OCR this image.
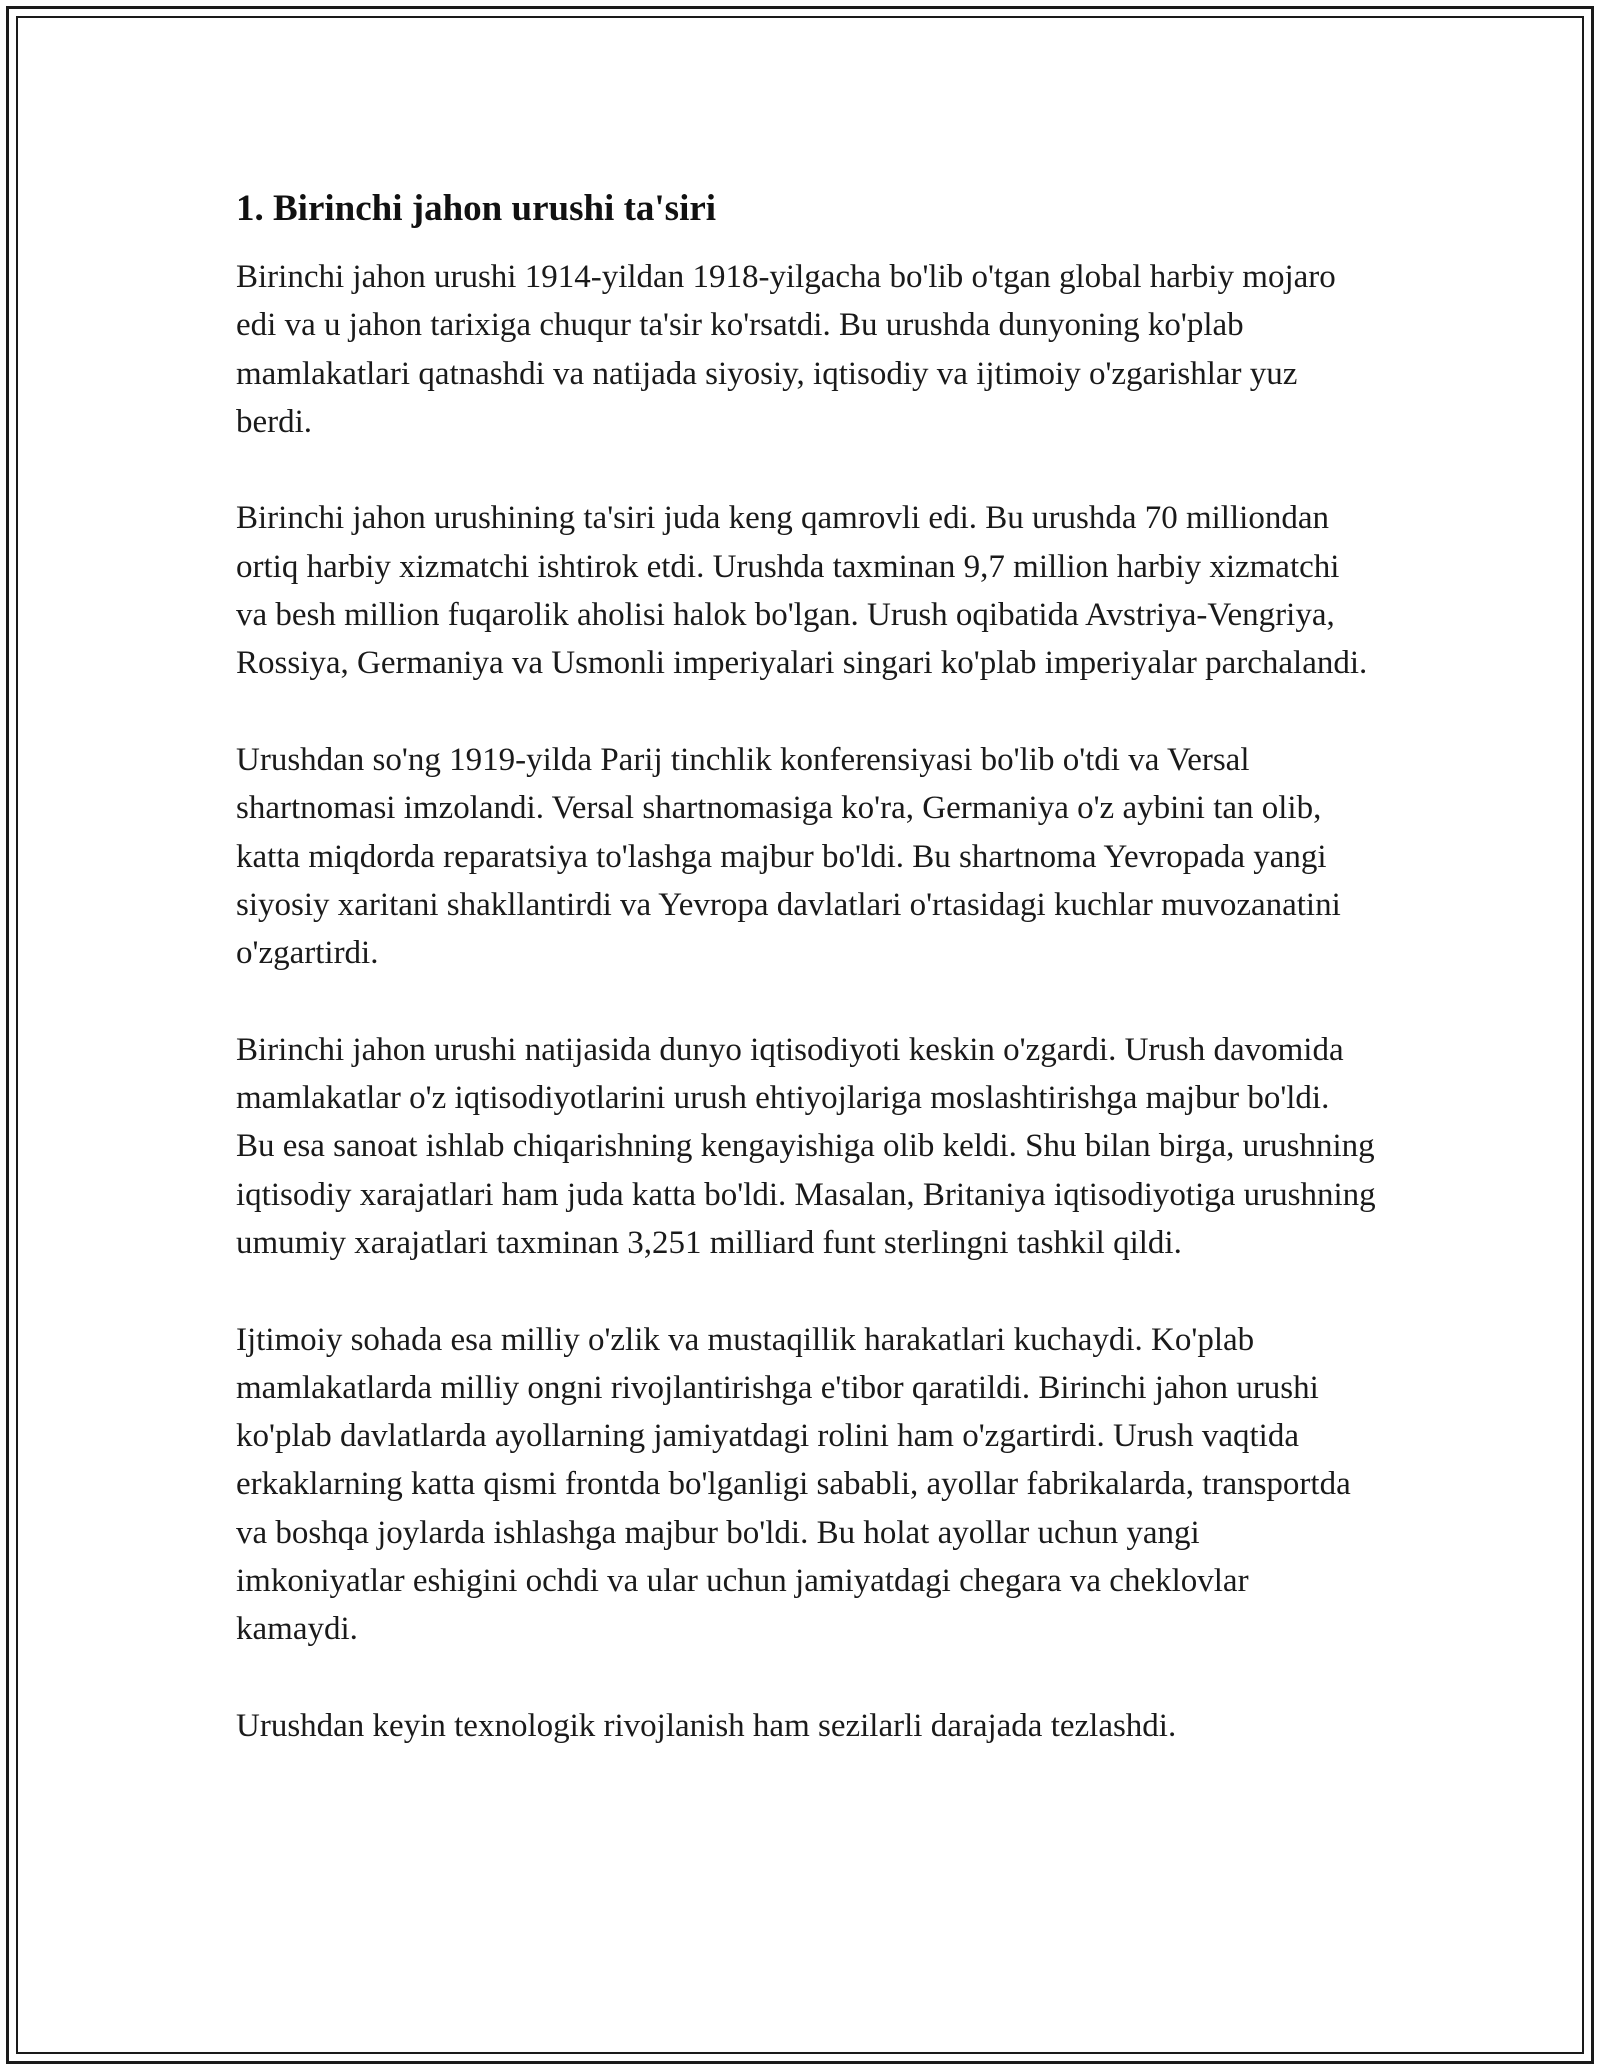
1. Birinchi jahon urushi ta'siri

Birinchi jahon urushi 1914-yildan 1918-yilgacha bo'lib o'tgan global harbiy mojaro edi va u jahon tarixiga chuqur ta'sir ko'rsatdi. Bu urushda dunyoning ko'plab mamlakatlari qatnashdi va natijada siyosiy, iqtisodiy va ijtimoiy o'zgarishlar yuz berdi.

Birinchi jahon urushining ta'siri juda keng qamrovli edi. Bu urushda 70 milliondan ortiq harbiy xizmatchi ishtirok etdi. Urushda taxminan 9,7 million harbiy xizmatchi va besh million fuqarolik aholisi halok bo'lgan. Urush oqibatida Avstriya-Vengriya, Rossiya, Germaniya va Usmonli imperiyalari singari ko'plab imperiyalar parchalandi.

Urushdan so'ng 1919-yilda Parij tinchlik konferensiyasi bo'lib o'tdi va Versal shartnomasi imzolandi. Versal shartnomasiga ko'ra, Germaniya o'z aybini tan olib, katta miqdorda reparatsiya to'lashga majbur bo'ldi. Bu shartnoma Yevropada yangi siyosiy xaritani shakllantirdi va Yevropa davlatlari o'rtasidagi kuchlar muvozanatini o'zgartirdi.

Birinchi jahon urushi natijasida dunyo iqtisodiyoti keskin o'zgardi. Urush davomida mamlakatlar o'z iqtisodiyotlarini urush ehtiyojlariga moslashtirishga majbur bo'ldi. Bu esa sanoat ishlab chiqarishning kengayishiga olib keldi. Shu bilan birga, urushning iqtisodiy xarajatlari ham juda katta bo'ldi. Masalan, Britaniya iqtisodiyotiga urushning umumiy xarajatlari taxminan 3,251 milliard funt sterlingni tashkil qildi.

Ijtimoiy sohada esa milliy o'zlik va mustaqillik harakatlari kuchaydi. Ko'plab mamlakatlarda milliy ongni rivojlantirishga e'tibor qaratildi. Birinchi jahon urushi ko'plab davlatlarda ayollarning jamiyatdagi rolini ham o'zgartirdi. Urush vaqtida erkaklarning katta qismi frontda bo'lganligi sababli, ayollar fabrikalarda, transportda va boshqa joylarda ishlashga majbur bo'ldi. Bu holat ayollar uchun yangi imkoniyatlar eshigini ochdi va ular uchun jamiyatdagi chegara va cheklovlar kamaydi.

Urushdan keyin texnologik rivojlanish ham sezilarli darajada tezlashdi.
